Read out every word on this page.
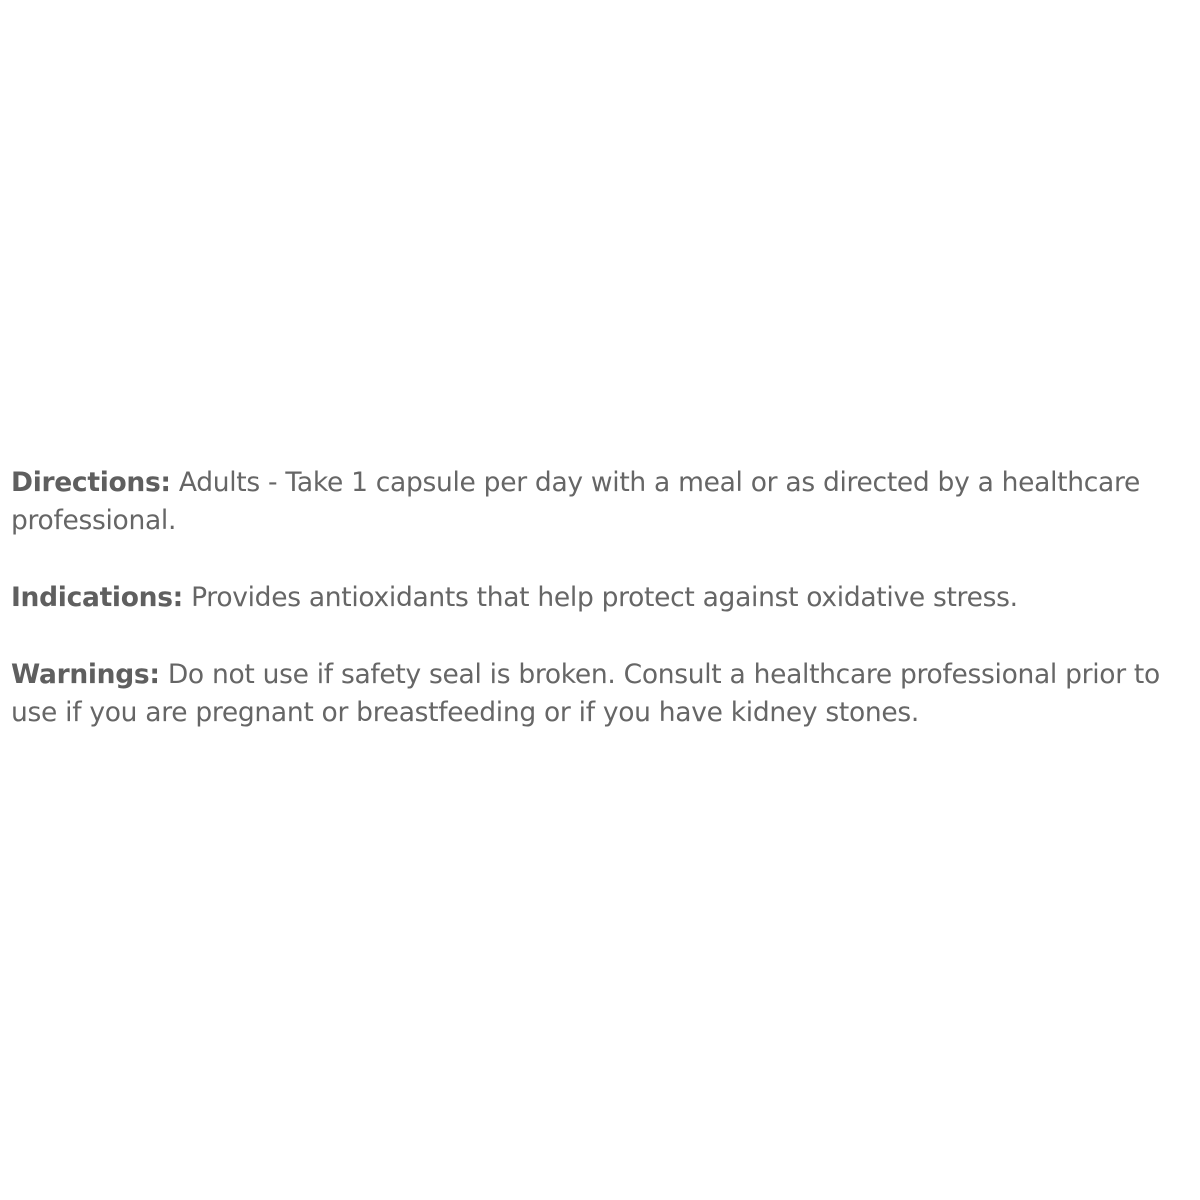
Directions: Adults - Take 1 capsule per day with a meal or as directed by a healthcare professional.

Indications: Provides antioxidants that help protect against oxidative stress.

Warnings: Do not use if safety seal is broken. Consult a healthcare professional prior to use if you are pregnant or breastfeeding or if you have kidney stones.
